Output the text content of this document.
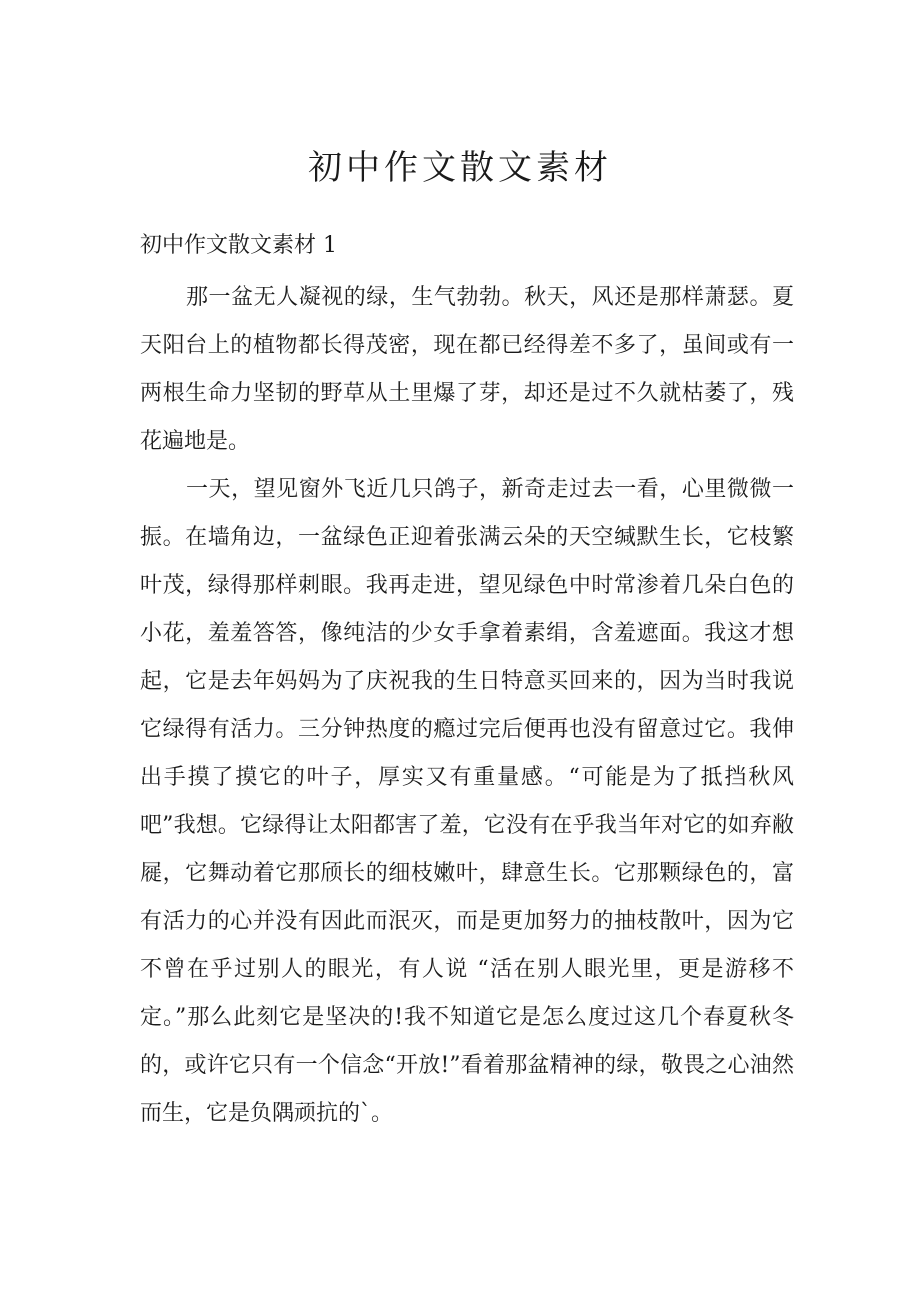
初中作文散文素材
初中作文散文素材 1

那一盆无人凝视的绿，生气勃勃。秋天，风还是那样萧瑟。夏天阳台上的植物都长得茂密，现在都已经得差不多了，虽间或有一两根生命力坚韧的野草从土里爆了芽，却还是过不久就枯萎了，残花遍地是。

一天，望见窗外飞近几只鸽子，新奇走过去一看，心里微微一振。在墙角边，一盆绿色正迎着张满云朵的天空缄默生长，它枝繁叶茂，绿得那样刺眼。我再走进，望见绿色中时常渗着几朵白色的小花，羞羞答答，像纯洁的少女手拿着素绢，含羞遮面。我这才想起，它是去年妈妈为了庆祝我的生日特意买回来的，因为当时我说它绿得有活力。三分钟热度的瘾过完后便再也没有留意过它。我伸出手摸了摸它的叶子，厚实又有重量感。“可能是为了抵挡秋风吧”我想。它绿得让太阳都害了羞，它没有在乎我当年对它的如弃敝屣，它舞动着它那颀长的细枝嫩叶，肆意生长。它那颗绿色的，富有活力的心并没有因此而泯灭，而是更加努力的抽枝散叶，因为它不曾在乎过别人的眼光，有人说 “活在别人眼光里，更是游移不定。”那么此刻它是坚决的!我不知道它是怎么度过这几个春夏秋冬的，或许它只有一个信念“开放!”看着那盆精神的绿，敬畏之心油然而生，它是负隅顽抗的`。
